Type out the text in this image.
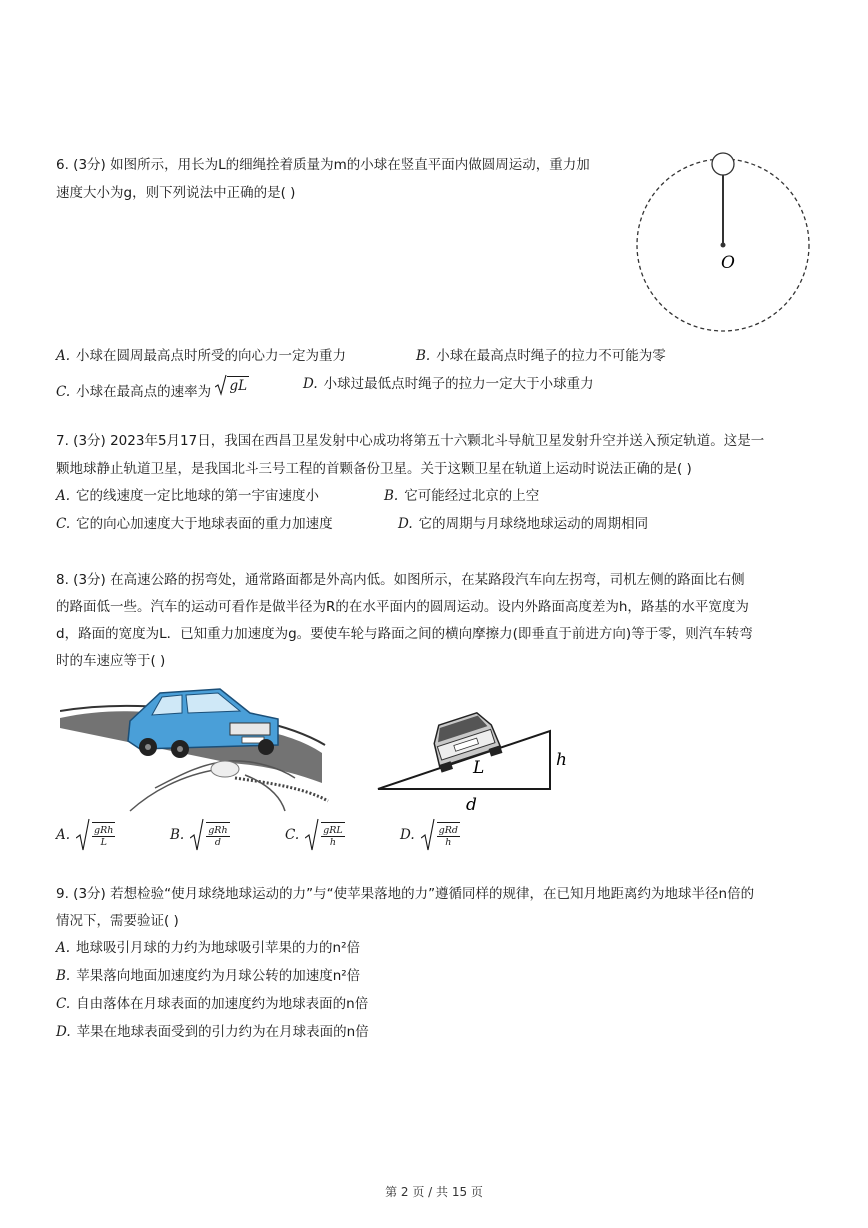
6. (3分) 如图所示，用长为L的细绳拴着质量为m的小球在竖直平面内做圆周运动，重力加
速度大小为g，则下列说法中正确的是( )
O
A. 小球在圆周最高点时所受的向心力一定为重力	B. 小球在最高点时绳子的拉力不可能为零
C. 小球在最高点的速率为 gL	D. 小球过最低点时绳子的拉力一定大于小球重力
7. (3分) 2023年5月17日，我国在西昌卫星发射中心成功将第五十六颗北斗导航卫星发射升空并送入预定轨道。这是一
颗地球静止轨道卫星，是我国北斗三号工程的首颗备份卫星。关于这颗卫星在轨道上运动时说法正确的是( )
A. 它的线速度一定比地球的第一宇宙速度小	B. 它可能经过北京的上空
C. 它的向心加速度大于地球表面的重力加速度	D. 它的周期与月球绕地球运动的周期相同
8. (3分) 在高速公路的拐弯处，通常路面都是外高内低。如图所示，在某路段汽车向左拐弯，司机左侧的路面比右侧
的路面低一些。汽车的运动可看作是做半径为R的在水平面内的圆周运动。设内外路面高度差为h，路基的水平宽度为
d，路面的宽度为L．已知重力加速度为g。要使车轮与路面之间的横向摩擦力(即垂直于前进方向)等于零，则汽车转弯
时的车速应等于( )
L	h
d
A. $\frac{\text{gRh}}{L}$	B. $\frac{\text{gRh}}{d}$	C. $\frac{\text{gRL}}{h}$	D. $\frac{\text{gRd}}{h}$
9. (3分) 若想检验“使月球绕地球运动的力”与“使苹果落地的力”遵循同样的规律，在已知月地距离约为地球半径n倍的
情况下，需要验证( )
A. 地球吸引月球的力约为地球吸引苹果的力的n²倍
B. 苹果落向地面加速度约为月球公转的加速度n²倍
C. 自由落体在月球表面的加速度约为地球表面的n倍
D. 苹果在地球表面受到的引力约为在月球表面的n倍
第 2 页 / 共 15 页
